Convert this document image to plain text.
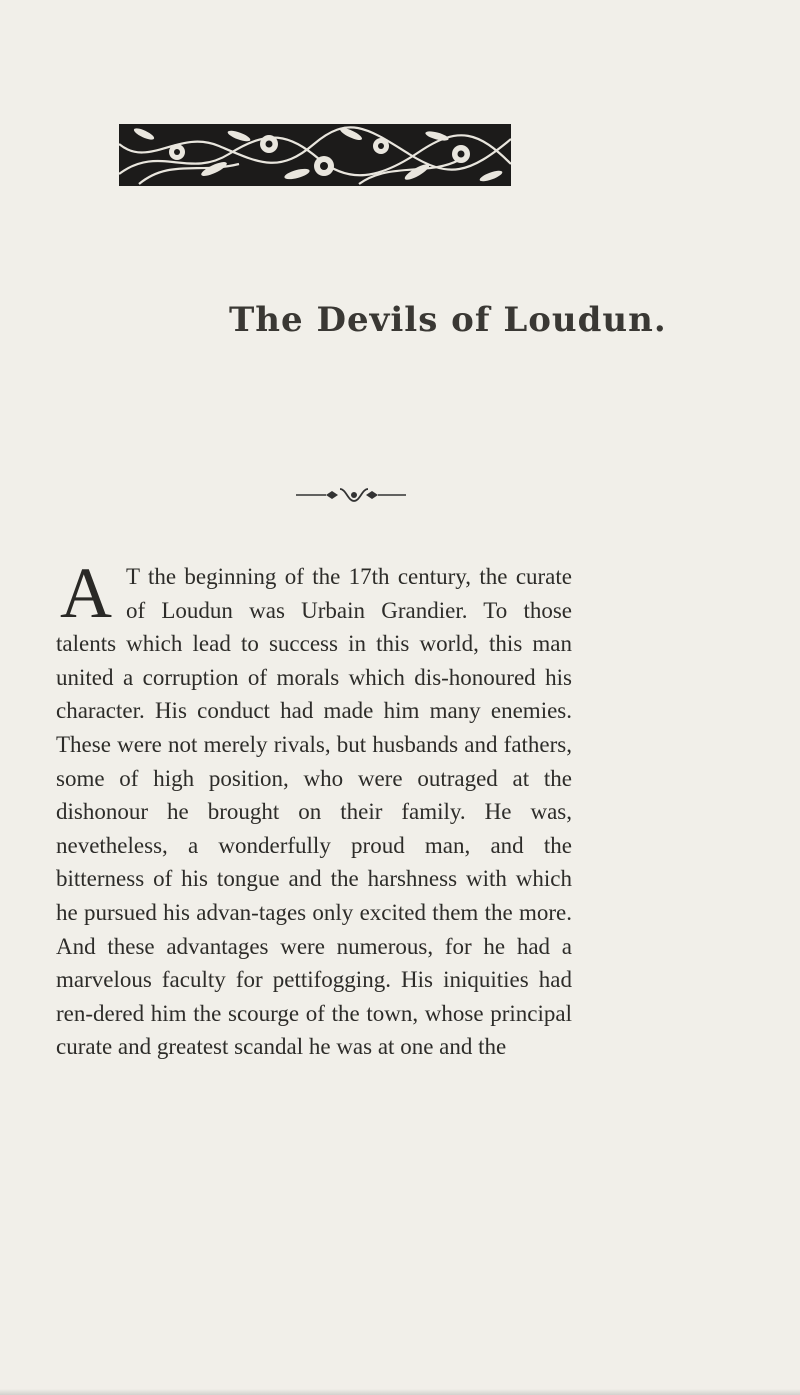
The Devils of Loudun.
A T the beginning of the 17th century, the curate of Loudun was Urbain Grandier. To those talents which lead to success in this world, this man united a corruption of morals which dis-honoured his character. His conduct had made him many enemies. These were not merely rivals, but husbands and fathers, some of high position, who were outraged at the dishonour he brought on their family. He was, nevetheless, a wonderfully proud man, and the bitterness of his tongue and the harshness with which he pursued his advan-tages only excited them the more. And these advantages were numerous, for he had a marvelous faculty for pettifogging. His iniquities had ren-dered him the scourge of the town, whose principal curate and greatest scandal he was at one and the
